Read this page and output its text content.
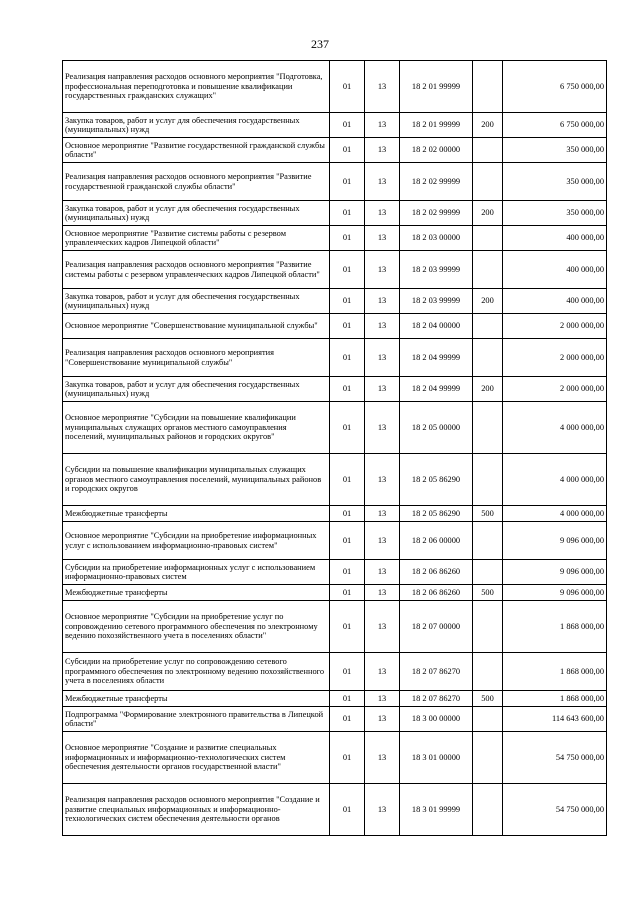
237
Реализация направления расходов основного мероприятия "Подготовка, профессиональная переподготовка и повышение квалификации государственных гражданских служащих"	01	13	18 2 01 99999		6 750 000,00
Закупка товаров, работ и услуг для обеспечения государственных (муниципальных) нужд	01	13	18 2 01 99999	200	6 750 000,00
Основное мероприятие "Развитие государственной гражданской службы области"	01	13	18 2 02 00000		350 000,00
Реализация направления расходов основного мероприятия "Развитие государственной гражданской службы области"	01	13	18 2 02 99999		350 000,00
Закупка товаров, работ и услуг для обеспечения государственных (муниципальных) нужд	01	13	18 2 02 99999	200	350 000,00
Основное мероприятие "Развитие системы работы с резервом управленческих кадров Липецкой области"	01	13	18 2 03 00000		400 000,00
Реализация направления расходов основного мероприятия "Развитие системы работы с резервом управленческих кадров Липецкой области"	01	13	18 2 03 99999		400 000,00
Закупка товаров, работ и услуг для обеспечения государственных (муниципальных) нужд	01	13	18 2 03 99999	200	400 000,00
Основное мероприятие "Совершенствование муниципальной службы"	01	13	18 2 04 00000		2 000 000,00
Реализация направления расходов основного мероприятия "Совершенствование муниципальной службы"	01	13	18 2 04 99999		2 000 000,00
Закупка товаров, работ и услуг для обеспечения государственных (муниципальных) нужд	01	13	18 2 04 99999	200	2 000 000,00
Основное мероприятие "Субсидии на повышение квалификации муниципальных служащих органов местного самоуправления поселений, муниципальных районов и городских округов"	01	13	18 2 05 00000		4 000 000,00
Субсидии на повышение квалификации муниципальных служащих органов местного самоуправления поселений, муниципальных районов и городских округов	01	13	18 2 05 86290		4 000 000,00
Межбюджетные трансферты	01	13	18 2 05 86290	500	4 000 000,00
Основное мероприятие "Субсидии на приобретение информационных услуг с использованием информационно-правовых систем"	01	13	18 2 06 00000		9 096 000,00
Субсидии на приобретение информационных услуг с использованием информационно-правовых систем	01	13	18 2 06 86260		9 096 000,00
Межбюджетные трансферты	01	13	18 2 06 86260	500	9 096 000,00
Основное мероприятие "Субсидии на приобретение услуг по сопровождению сетевого программного обеспечения по электронному ведению похозяйственного учета в поселениях области"	01	13	18 2 07 00000		1 868 000,00
Субсидии на приобретение услуг по сопровождению сетевого программного обеспечения по электронному ведению похозяйственного учета в поселениях области	01	13	18 2 07 86270		1 868 000,00
Межбюджетные трансферты	01	13	18 2 07 86270	500	1 868 000,00
Подпрограмма "Формирование электронного правительства в Липецкой области"	01	13	18 3 00 00000		114 643 600,00
Основное мероприятие "Создание и развитие специальных информационных и информационно-технологических систем обеспечения деятельности органов государственной власти"	01	13	18 3 01 00000		54 750 000,00
Реализация направления расходов основного мероприятия "Создание и развитие специальных информационных и информационно-технологических систем обеспечения деятельности органов	01	13	18 3 01 99999		54 750 000,00
